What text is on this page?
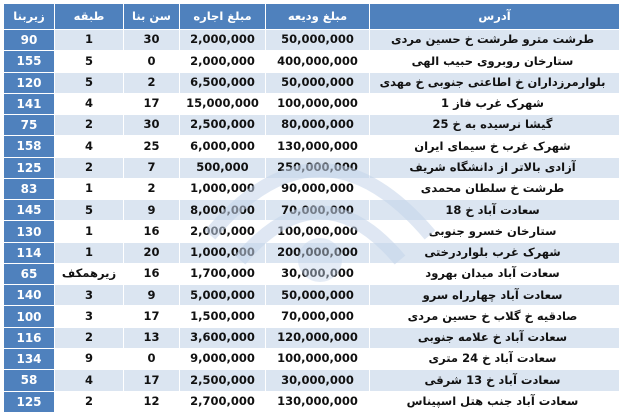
زیربنا	طبقه	سن بنا	مبلغ اجاره	مبلغ ودیعه	آدرس
90	1	30	2,000,000	50,000,000	طرشت مترو طرشت خ حسین مردی
155	5	0	2,000,000	400,000,000	ستارخان روبروی حبیب الهی
120	5	2	6,500,000	50,000,000	بلوارمرزداران خ اطاعتی جنوبی خ مهدی
141	4	17	15,000,000	100,000,000	شهرک غرب فاز 1
75	2	30	2,500,000	80,000,000	گیشا نرسیده به خ 25
158	4	25	6,000,000	130,000,000	شهرک غرب خ سیمای ایران
125	2	7	500,000	250,000,000	آزادی بالاتر از دانشگاه شریف
83	1	2	1,000,000	90,000,000	طرشت خ سلطان محمدی
145	5	9	8,000,000	70,000,000	سعادت آباد خ 18
130	1	16	2,000,000	100,000,000	ستارخان خسرو جنوبی
114	1	20	1,000,000	200,000,000	شهرک غرب بلواردرختی
65	زیرهمکف	16	1,700,000	30,000,000	سعادت آباد میدان بهرود
140	3	9	5,000,000	50,000,000	سعادت آباد چهارراه سرو
100	3	17	1,500,000	70,000,000	صادقیه خ گلاب خ حسین مردی
116	2	13	3,600,000	120,000,000	سعادت آباد خ علامه جنوبی
134	9	0	9,000,000	100,000,000	سعادت آباد خ 24 متری
58	4	17	2,500,000	30,000,000	سعادت آباد خ 13 شرقی
125	2	12	2,700,000	130,000,000	سعادت آباد جنب هتل اسپیناس
